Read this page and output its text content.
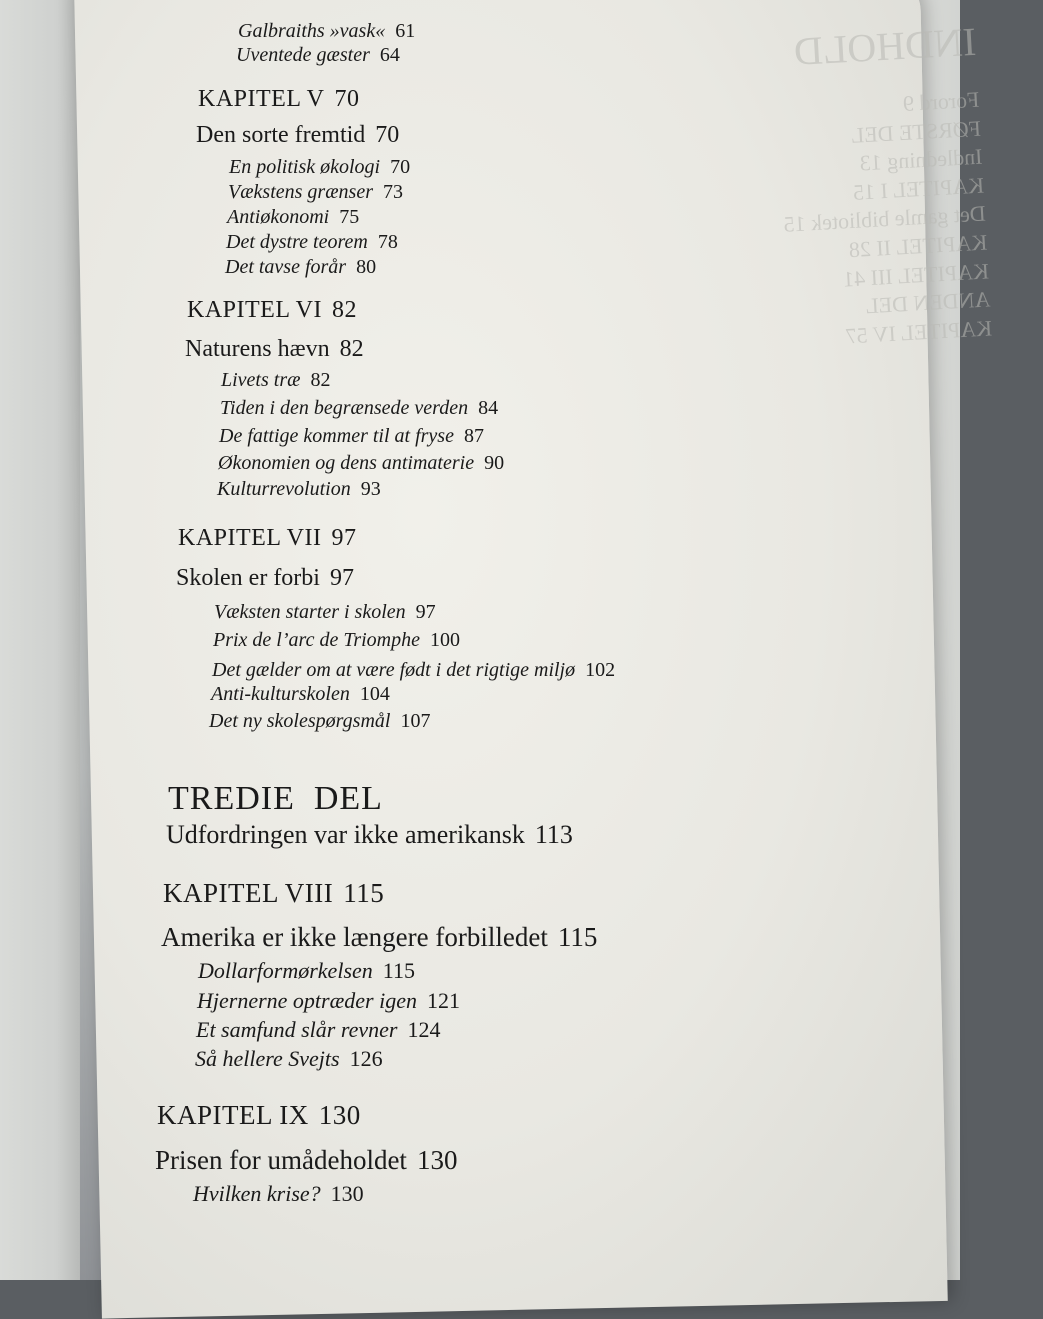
INDHOLD
Forord 9
FØRSTE DEL
Indledning 13
KAPITEL I 15
Det gamle bibliotek 15
KAPITEL II 28
KAPITEL III 41
ANDEN DEL
KAPITEL IV 57
Galbraiths »vask« 61
Uventede gæster 64
KAPITEL V 70
Den sorte fremtid 70
En politisk økologi 70
Vækstens grænser 73
Antiøkonomi 75
Det dystre teorem 78
Det tavse forår 80
KAPITEL VI 82
Naturens hævn 82
Livets træ 82
Tiden i den begrænsede verden 84
De fattige kommer til at fryse 87
Økonomien og dens antimaterie 90
Kulturrevolution 93
KAPITEL VII 97
Skolen er forbi 97
Væksten starter i skolen 97
Prix de l’arc de Triomphe 100
Det gælder om at være født i det rigtige miljø 102
Anti-kulturskolen 104
Det ny skolespørgsmål 107
TREDIE  DEL
Udfordringen var ikke amerikansk 113
KAPITEL VIII 115
Amerika er ikke længere forbilledet 115
Dollarformørkelsen 115
Hjernerne optræder igen 121
Et samfund slår revner 124
Så hellere Svejts 126
KAPITEL IX 130
Prisen for umådeholdet 130
Hvilken krise? 130
